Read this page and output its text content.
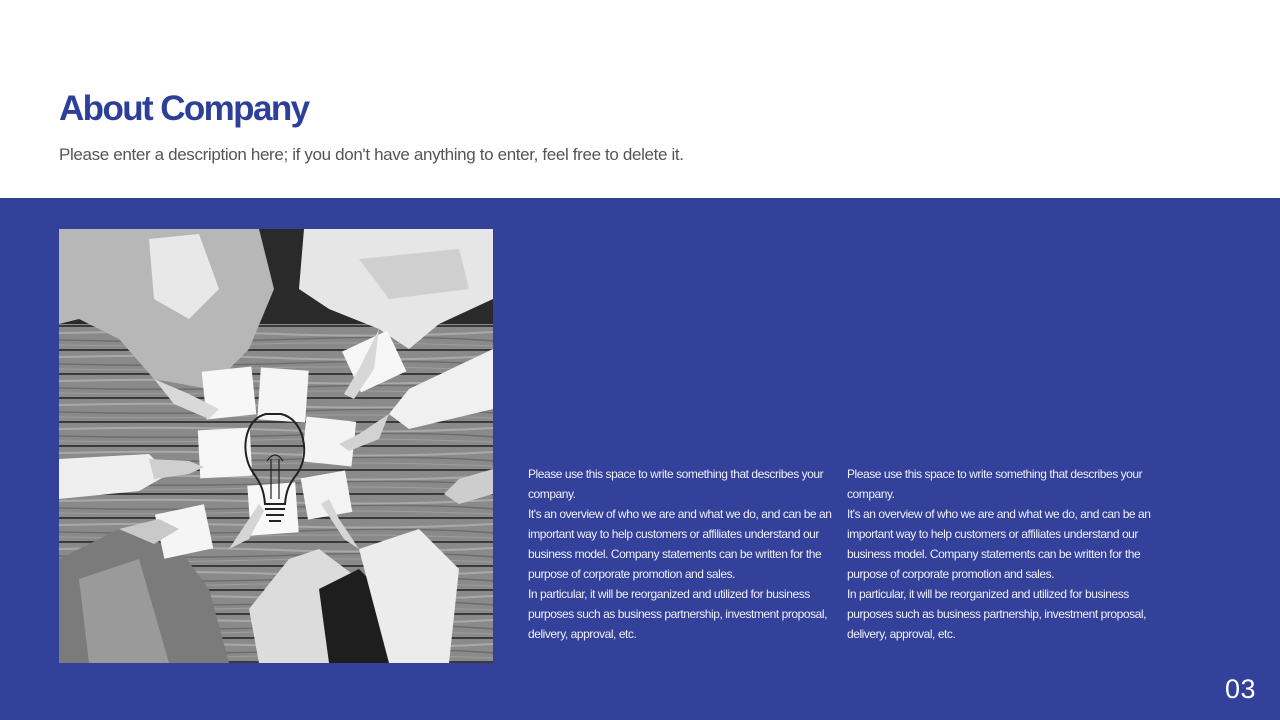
About Company
Please enter a description here; if you don't have anything to enter, feel free to delete it.

Please use this space to write something that describes your company.

It's an overview of who we are and what we do, and can be an important way to help customers or affiliates understand our business model. Company statements can be written for the purpose of corporate promotion and sales.

In particular, it will be reorganized and utilized for business purposes such as business partnership, investment proposal, delivery, approval, etc.

Please use this space to write something that describes your company.

It's an overview of who we are and what we do, and can be an important way to help customers or affiliates understand our business model. Company statements can be written for the purpose of corporate promotion and sales.

In particular, it will be reorganized and utilized for business purposes such as business partnership, investment proposal, delivery, approval, etc.

03
